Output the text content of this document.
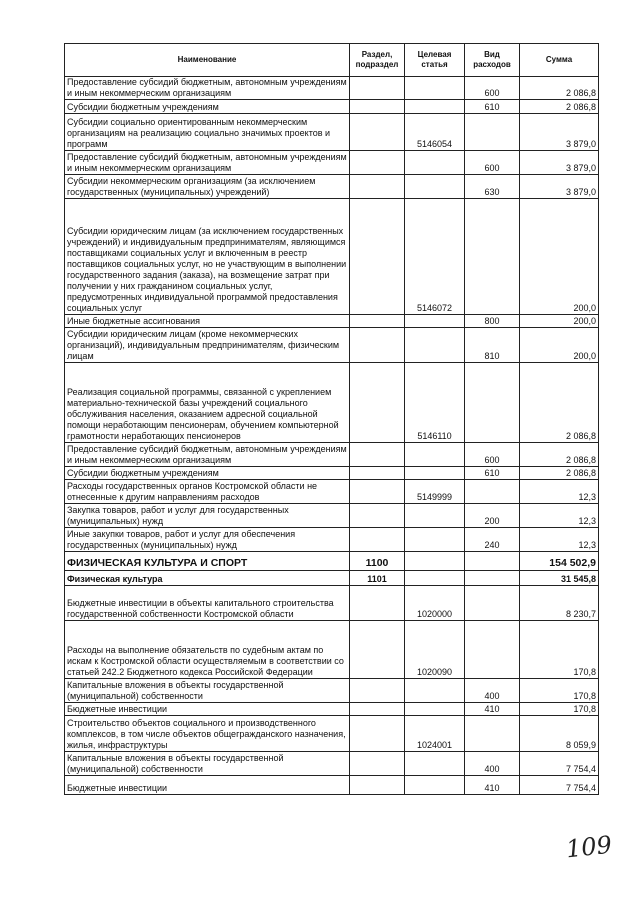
Наименование	Раздел, подраздел	Целевая статья	Вид расходов	Сумма
Предоставление субсидий бюджетным, автономным учреждениям и иным некоммерческим организациям			600	2 086,8
Субсидии бюджетным учреждениям			610	2 086,8
Субсидии социально ориентированным некоммерческим организациям на реализацию социально значимых проектов и программ		5146054		3 879,0
Предоставление субсидий бюджетным, автономным учреждениям и иным некоммерческим организациям			600	3 879,0
Субсидии некоммерческим организациям (за исключением государственных (муниципальных) учреждений)			630	3 879,0
Субсидии юридическим лицам (за исключением государственных учреждений) и индивидуальным предпринимателям, являющимся поставщиками социальных услуг и включенным в реестр поставщиков социальных услуг, но не участвующим в выполнении государственного задания (заказа), на возмещение затрат при получении у них гражданином социальных услуг, предусмотренных индивидуальной программой предоставления социальных услуг		5146072		200,0
Иные бюджетные ассигнования			800	200,0
Субсидии юридическим лицам (кроме некоммерческих организаций), индивидуальным предпринимателям, физическим лицам			810	200,0
Реализация социальной программы, связанной с укреплением материально-технической базы учреждений социального обслуживания населения, оказанием адресной социальной помощи неработающим пенсионерам, обучением компьютерной грамотности неработающих пенсионеров		5146110		2 086,8
Предоставление субсидий бюджетным, автономным учреждениям и иным некоммерческим организациям			600	2 086,8
Субсидии бюджетным учреждениям			610	2 086,8
Расходы государственных органов Костромской области не отнесенные к другим направлениям расходов		5149999		12,3
Закупка товаров, работ и услуг для государственных (муниципальных) нужд			200	12,3
Иные закупки товаров, работ и услуг для обеспечения государственных (муниципальных) нужд			240	12,3
ФИЗИЧЕСКАЯ КУЛЬТУРА И СПОРТ	1100			154 502,9
Физическая культура	1101			31 545,8
Бюджетные инвестиции в объекты капитального строительства государственной собственности Костромской области		1020000		8 230,7
Расходы на выполнение обязательств по судебным актам по искам к Костромской области осуществляемым в соответствии со статьей 242.2 Бюджетного кодекса Российской Федерации		1020090		170,8
Капитальные вложения в объекты государственной (муниципальной) собственности			400	170,8
Бюджетные инвестиции			410	170,8
Строительство объектов социального и производственного комплексов, в том числе объектов общегражданского назначения, жилья, инфраструктуры		1024001		8 059,9
Капитальные вложения в объекты государственной (муниципальной) собственности			400	7 754,4
Бюджетные инвестиции			410	7 754,4
109
